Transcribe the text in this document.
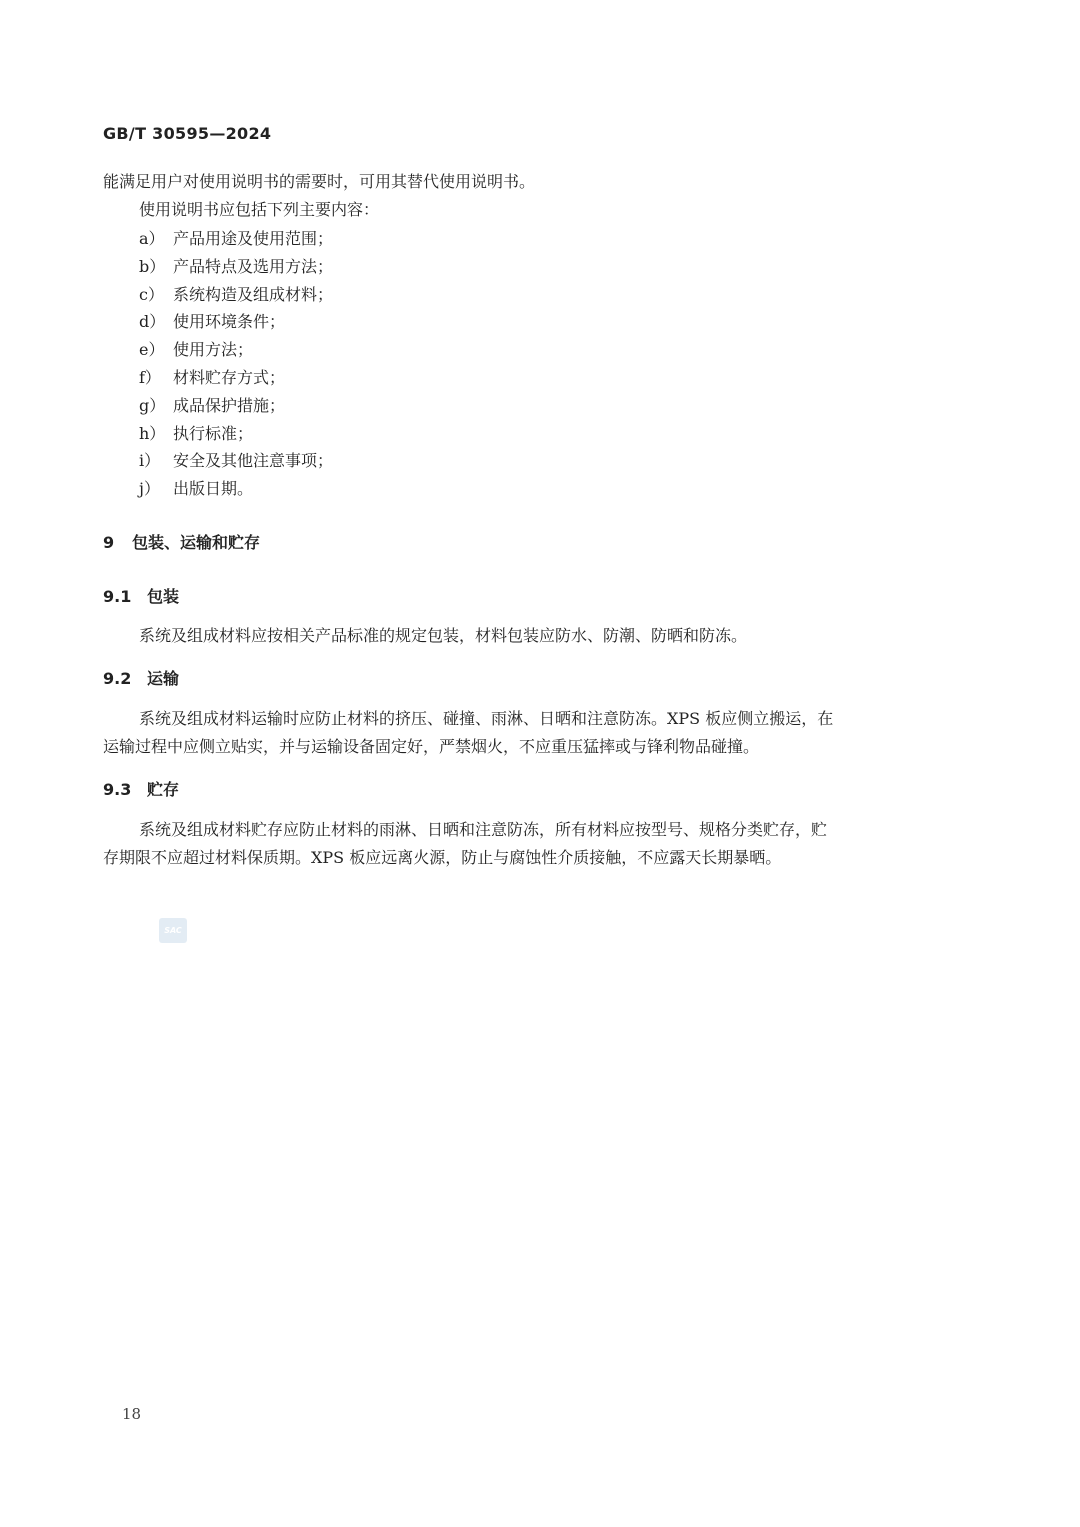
GB/T 30595—2024
能满足用户对使用说明书的需要时，可用其替代使用说明书。
使用说明书应包括下列主要内容：
a） 产品用途及使用范围；
b） 产品特点及选用方法；
c） 系统构造及组成材料；
d） 使用环境条件；
e） 使用方法；
f） 材料贮存方式；
g） 成品保护措施；
h） 执行标准；
i） 安全及其他注意事项；
j） 出版日期。
9 包装、运输和贮存
9.1 包装
系统及组成材料应按相关产品标准的规定包装，材料包装应防水、防潮、防晒和防冻。
9.2 运输
系统及组成材料运输时应防止材料的挤压、碰撞、雨淋、日晒和注意防冻。XPS 板应侧立搬运，在
运输过程中应侧立贴实，并与运输设备固定好，严禁烟火，不应重压猛摔或与锋利物品碰撞。
9.3 贮存
系统及组成材料贮存应防止材料的雨淋、日晒和注意防冻，所有材料应按型号、规格分类贮存，贮
存期限不应超过材料保质期。XPS 板应远离火源，防止与腐蚀性介质接触，不应露天长期暴晒。
SAC
18
